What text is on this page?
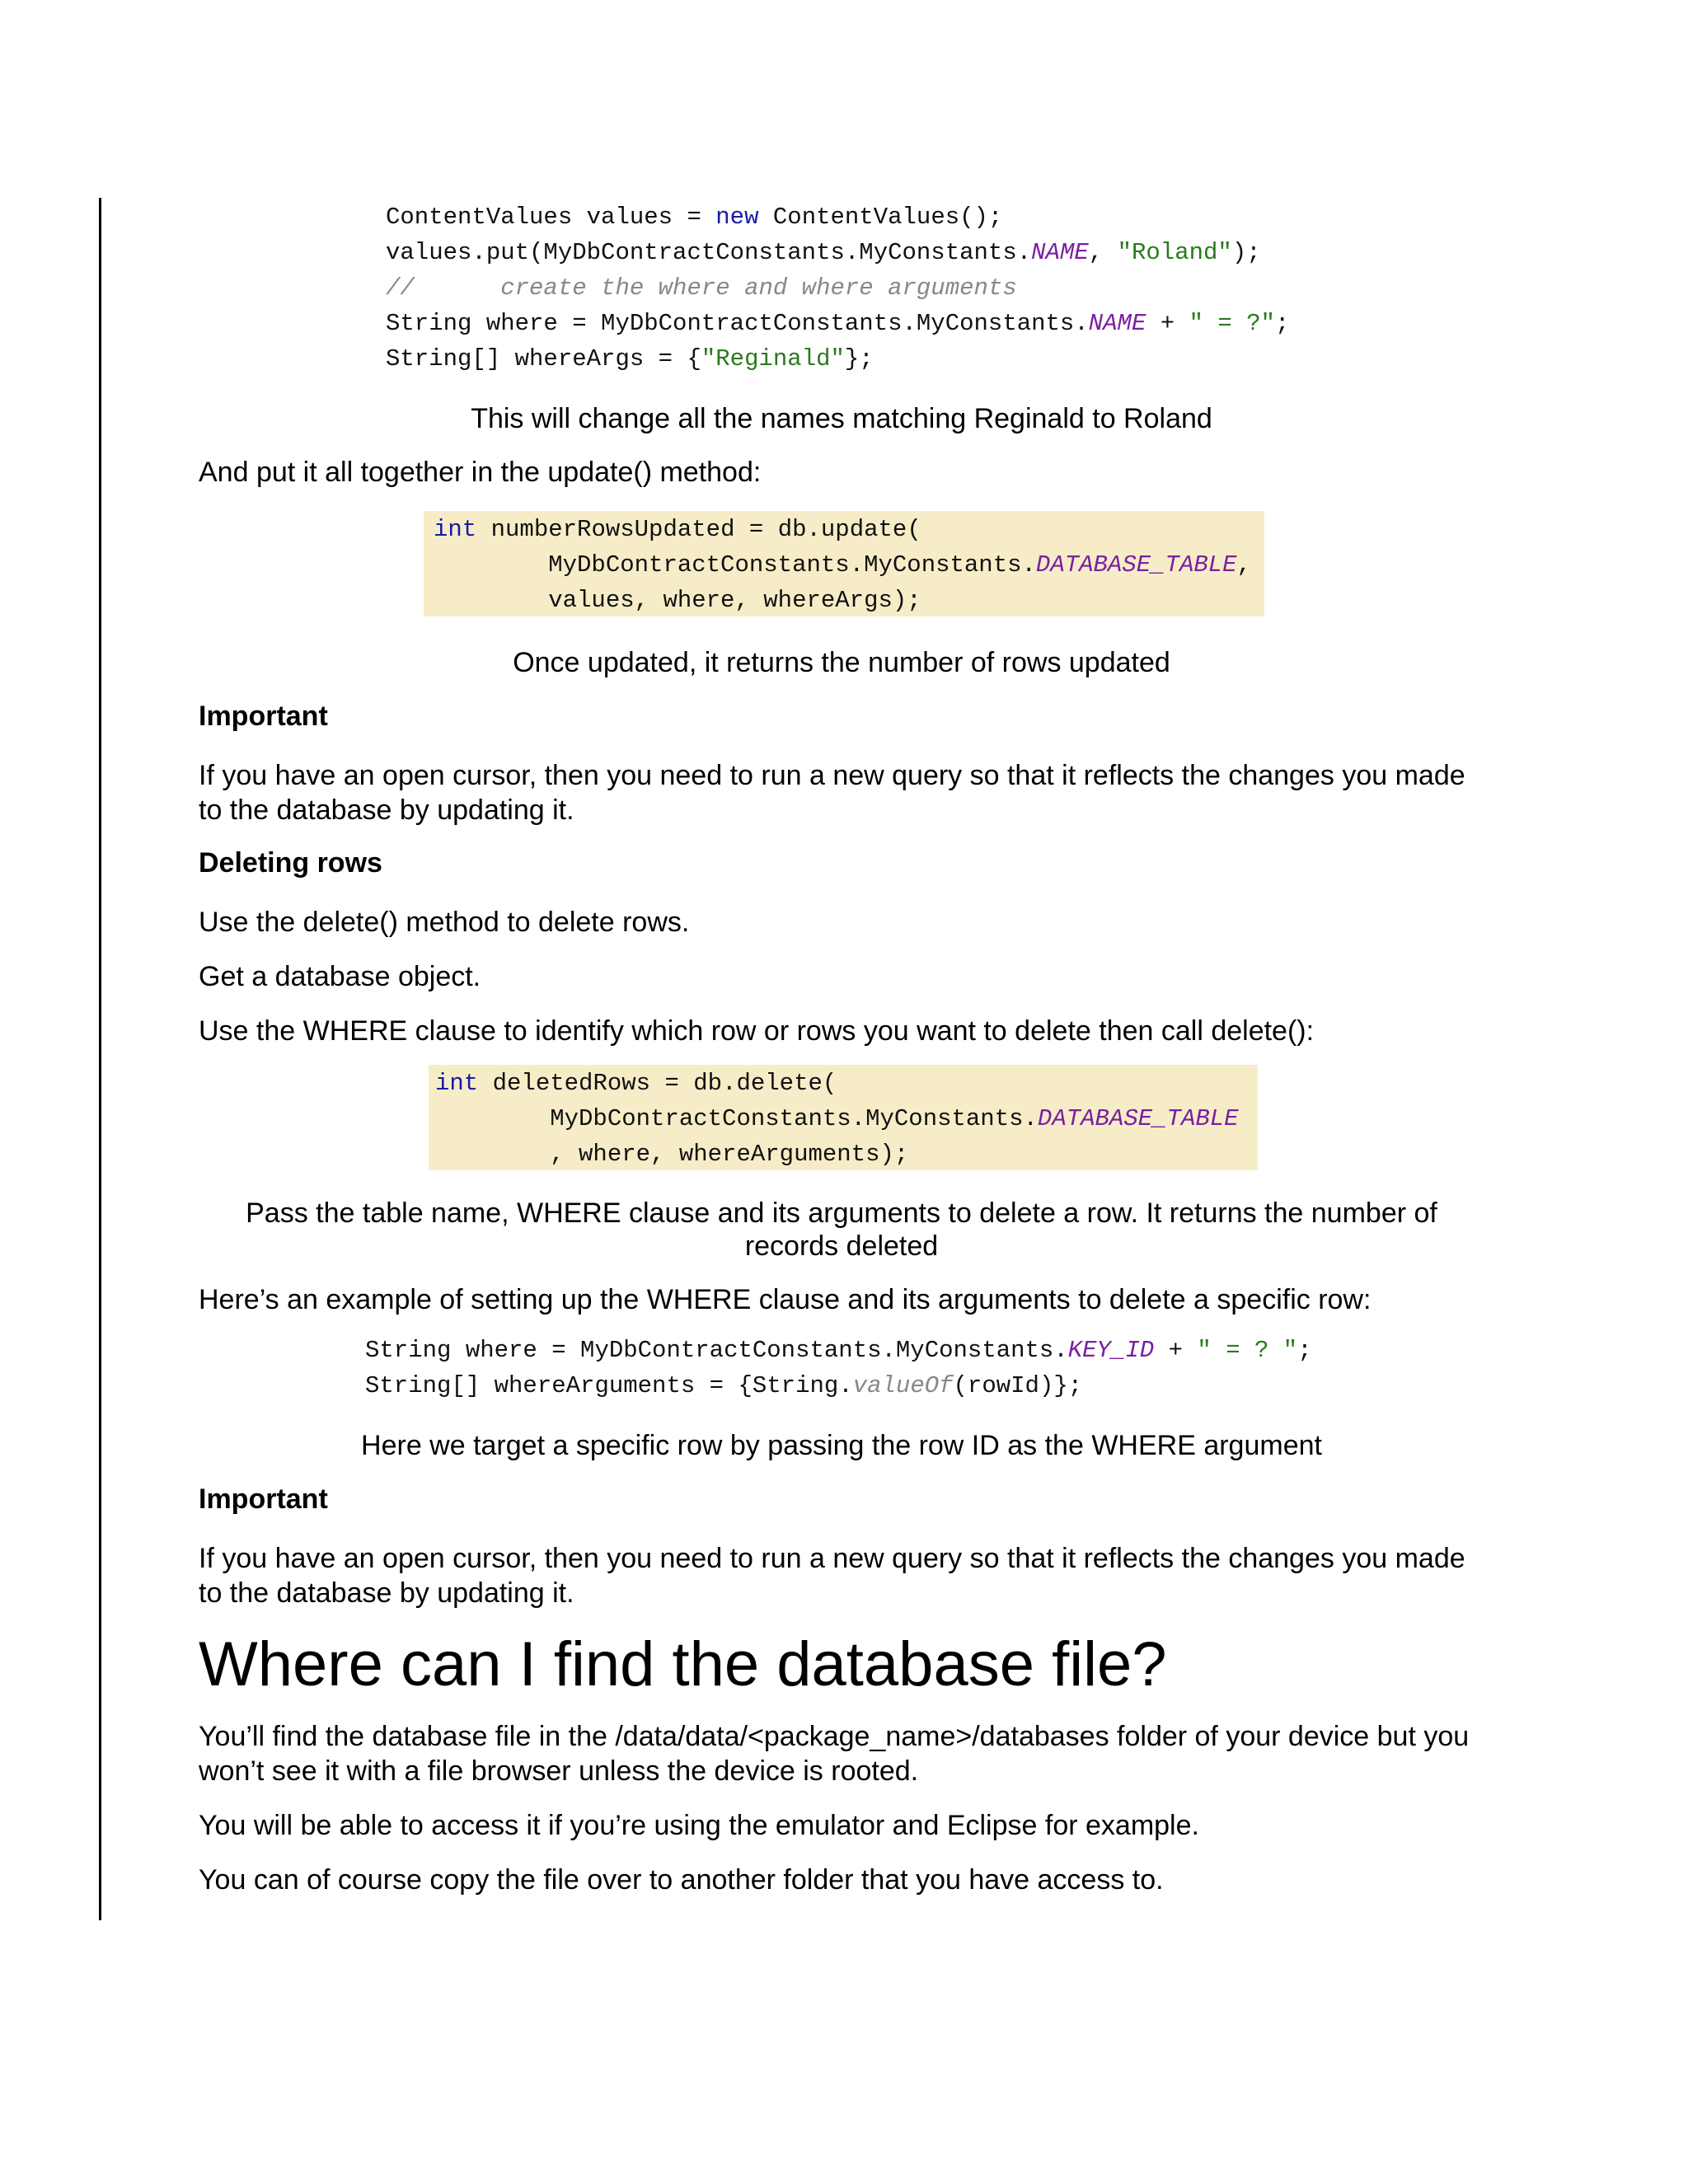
ContentValues values = new ContentValues();
values.put(MyDbContractConstants.MyConstants.NAME, "Roland");
//      create the where and where arguments
String where = MyDbContractConstants.MyConstants.NAME + " = ?";
String[] whereArgs = {"Reginald"};

This will change all the names matching Reginald to Roland

And put it all together in the update() method:

int numberRowsUpdated = db.update(
MyDbContractConstants.MyConstants.DATABASE_TABLE,
values, where, whereArgs);

Once updated, it returns the number of rows updated

Important

If you have an open cursor, then you need to run a new query so that it reflects the changes you made to the database by updating it.

Deleting rows

Use the delete() method to delete rows.

Get a database object.

Use the WHERE clause to identify which row or rows you want to delete then call delete():

int deletedRows = db.delete(
MyDbContractConstants.MyConstants.DATABASE_TABLE
, where, whereArguments);

Pass the table name, WHERE clause and its arguments to delete a row. It returns the number of records deleted

Here’s an example of setting up the WHERE clause and its arguments to delete a specific row:

String where = MyDbContractConstants.MyConstants.KEY_ID + " = ? ";
String[] whereArguments = {String.valueOf(rowId)};

Here we target a specific row by passing the row ID as the WHERE argument

Important

If you have an open cursor, then you need to run a new query so that it reflects the changes you made to the database by updating it.

Where can I find the database file?

You’ll find the database file in the /data/data/<package_name>/databases folder of your device but you won’t see it with a file browser unless the device is rooted.

You will be able to access it if you’re using the emulator and Eclipse for example.

You can of course copy the file over to another folder that you have access to.
